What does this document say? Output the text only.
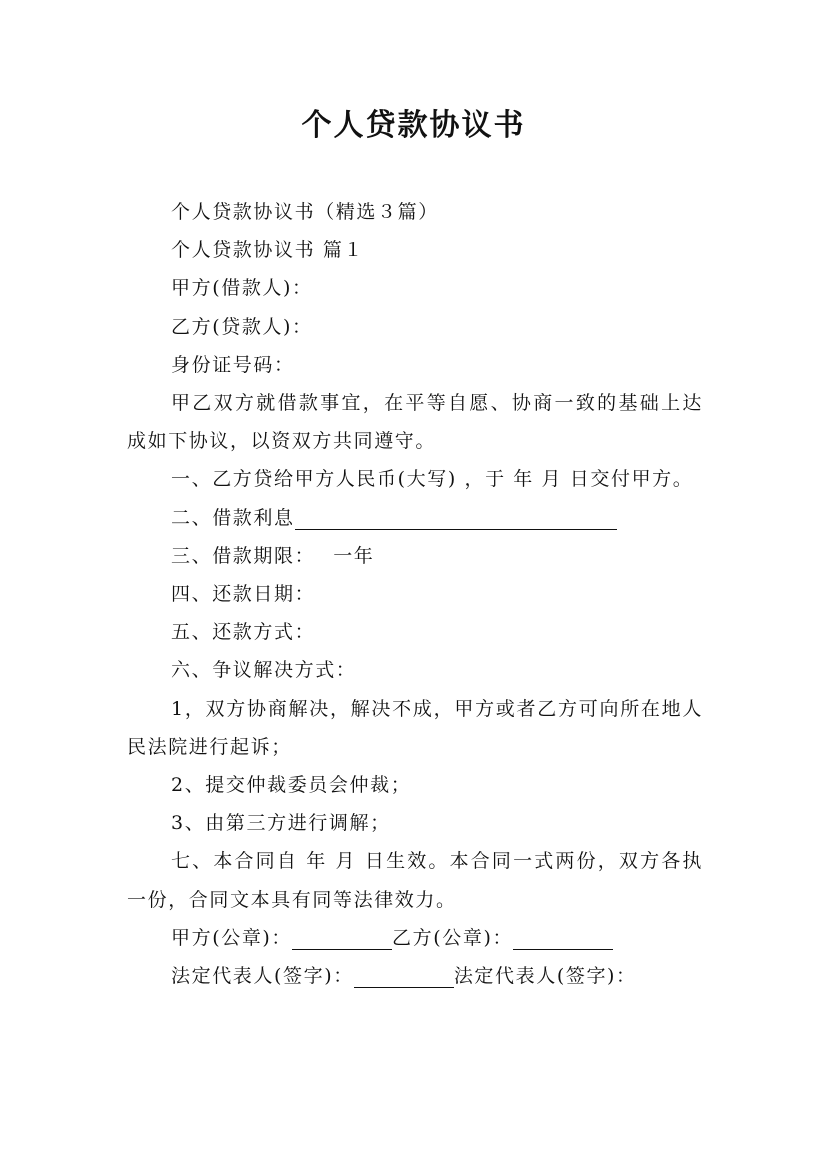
个人贷款协议书

个人贷款协议书（精选３篇）

个人贷款协议书 篇１

甲方(借款人)：

乙方(贷款人)：

身份证号码：

甲乙双方就借款事宜，在平等自愿、协商一致的基础上达成如下协议，以资双方共同遵守。

一、乙方贷给甲方人民币(大写) ，于 年 月 日交付甲方。

二、借款利息

三、借款期限： 一年

四、还款日期：

五、还款方式：

六、争议解决方式：

1，双方协商解决，解决不成，甲方或者乙方可向所在地人民法院进行起诉；

2、提交仲裁委员会仲裁；

3、由第三方进行调解；

七、本合同自 年 月 日生效。本合同一式两份，双方各执一份，合同文本具有同等法律效力。

甲方(公章)：	乙方(公章)：

法定代表人(签字)：	法定代表人(签字)：
